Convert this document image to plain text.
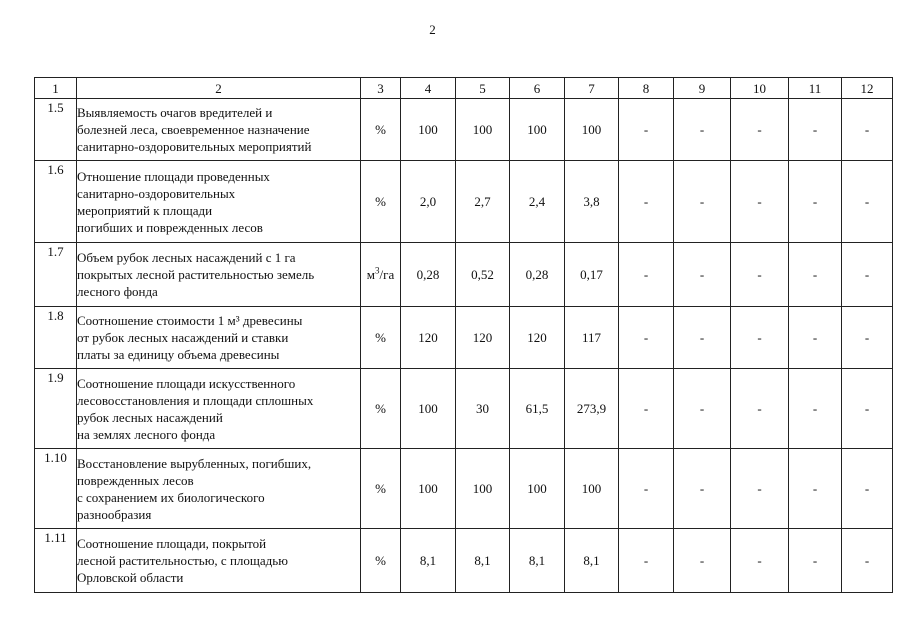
2
1	2	3	4	5	6	7	8	9	10	11	12
1.5	Выявляемость очагов вредителей и
болезней леса, своевременное назначение
санитарно-оздоровительных мероприятий	%	100	100	100	100	-	-	-	-	-
1.6	Отношение площади проведенных
санитарно-оздоровительных
мероприятий к площади
погибших и поврежденных лесов	%	2,0	2,7	2,4	3,8	-	-	-	-	-
1.7	Объем рубок лесных насаждений с 1 га
покрытых лесной растительностью земель
лесного фонда	$м^3/га$	0,28	0,52	0,28	0,17	-	-	-	-	-
1.8	Соотношение стоимости 1 м³ древесины
от рубок лесных насаждений и ставки
платы за единицу объема древесины	%	120	120	120	117	-	-	-	-	-
1.9	Соотношение площади искусственного
лесовосстановления и площади сплошных
рубок лесных насаждений
на землях лесного фонда	%	100	30	61,5	273,9	-	-	-	-	-
1.10	Восстановление вырубленных, погибших,
поврежденных лесов
с сохранением их биологического
разнообразия	%	100	100	100	100	-	-	-	-	-
1.11	Соотношение площади, покрытой
лесной растительностью, с площадью
Орловской области	%	8,1	8,1	8,1	8,1	-	-	-	-	-
